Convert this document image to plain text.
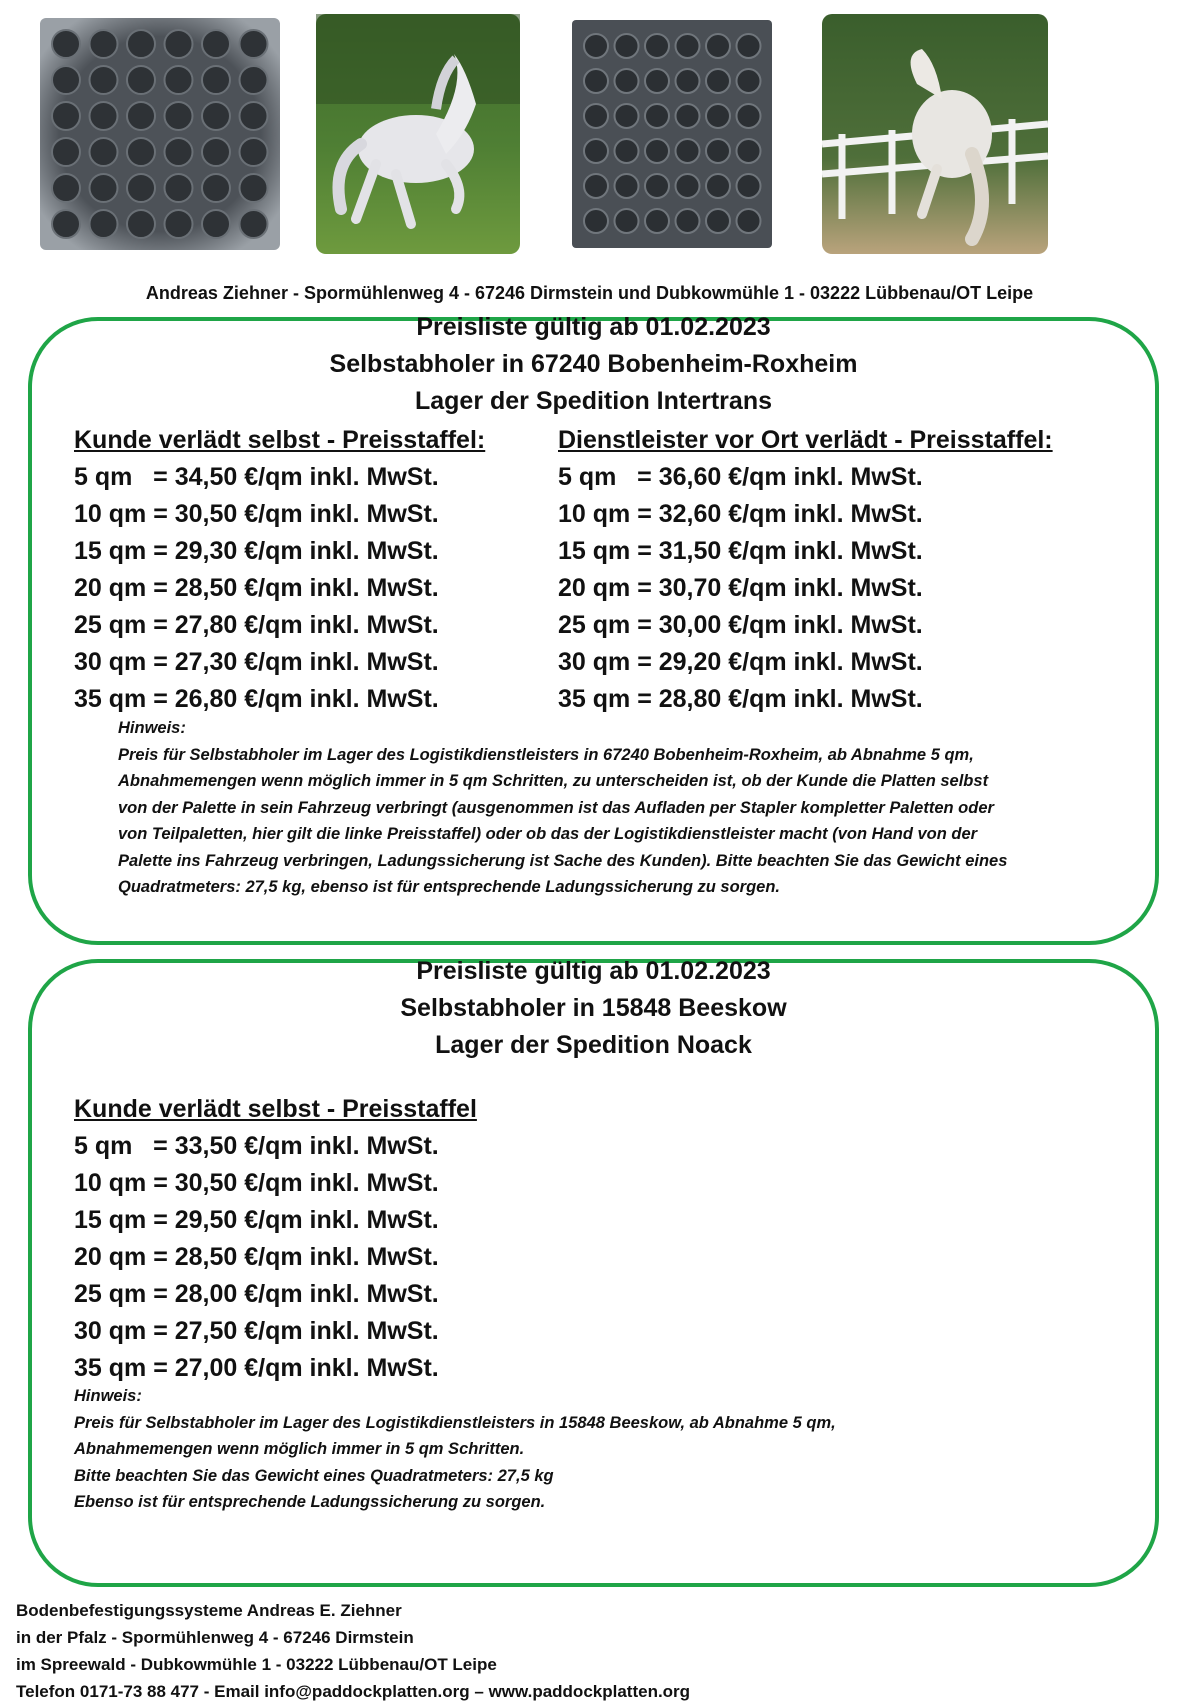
Andreas Ziehner - Spormühlenweg 4 - 67246 Dirmstein und Dubkowmühle 1 - 03222 Lübbenau/OT Leipe
Preisliste gültig ab 01.02.2023
Selbstabholer in 67240 Bobenheim-Roxheim
Lager der Spedition Intertrans
Kunde verlädt selbst - Preisstaffel:
5 qm   = 34,50 €/qm inkl. MwSt.
10 qm = 30,50 €/qm inkl. MwSt.
15 qm = 29,30 €/qm inkl. MwSt.
20 qm = 28,50 €/qm inkl. MwSt.
25 qm = 27,80 €/qm inkl. MwSt.
30 qm = 27,30 €/qm inkl. MwSt.
35 qm = 26,80 €/qm inkl. MwSt.
Dienstleister vor Ort verlädt - Preisstaffel:
5 qm   = 36,60 €/qm inkl. MwSt.
10 qm = 32,60 €/qm inkl. MwSt.
15 qm = 31,50 €/qm inkl. MwSt.
20 qm = 30,70 €/qm inkl. MwSt.
25 qm = 30,00 €/qm inkl. MwSt.
30 qm = 29,20 €/qm inkl. MwSt.
35 qm = 28,80 €/qm inkl. MwSt.
Hinweis:
Preis für Selbstabholer im Lager des Logistikdienstleisters in 67240 Bobenheim-Roxheim, ab Abnahme 5 qm,
Abnahmemengen wenn möglich immer in 5 qm Schritten, zu unterscheiden ist, ob der Kunde die Platten selbst
von der Palette in sein Fahrzeug verbringt (ausgenommen ist das Aufladen per Stapler kompletter Paletten oder
von Teilpaletten, hier gilt die linke Preisstaffel) oder ob das der Logistikdienstleister macht (von Hand von der
Palette ins Fahrzeug verbringen, Ladungssicherung ist Sache des Kunden). Bitte beachten Sie das Gewicht eines
Quadratmeters: 27,5 kg, ebenso ist für entsprechende Ladungssicherung zu sorgen.
Preisliste gültig ab 01.02.2023
Selbstabholer in 15848 Beeskow
Lager der Spedition Noack
Kunde verlädt selbst - Preisstaffel
5 qm   = 33,50 €/qm inkl. MwSt.
10 qm = 30,50 €/qm inkl. MwSt.
15 qm = 29,50 €/qm inkl. MwSt.
20 qm = 28,50 €/qm inkl. MwSt.
25 qm = 28,00 €/qm inkl. MwSt.
30 qm = 27,50 €/qm inkl. MwSt.
35 qm = 27,00 €/qm inkl. MwSt.
Hinweis:
Preis für Selbstabholer im Lager des Logistikdienstleisters in 15848 Beeskow, ab Abnahme 5 qm,
Abnahmemengen wenn möglich immer in 5 qm Schritten.
Bitte beachten Sie das Gewicht eines Quadratmeters: 27,5 kg
Ebenso ist für entsprechende Ladungssicherung zu sorgen.
Bodenbefestigungssysteme Andreas E. Ziehner
in der Pfalz - Spormühlenweg 4 - 67246 Dirmstein
im Spreewald - Dubkowmühle 1 - 03222 Lübbenau/OT Leipe
Telefon 0171-73 88 477 - Email info@paddockplatten.org – www.paddockplatten.org
